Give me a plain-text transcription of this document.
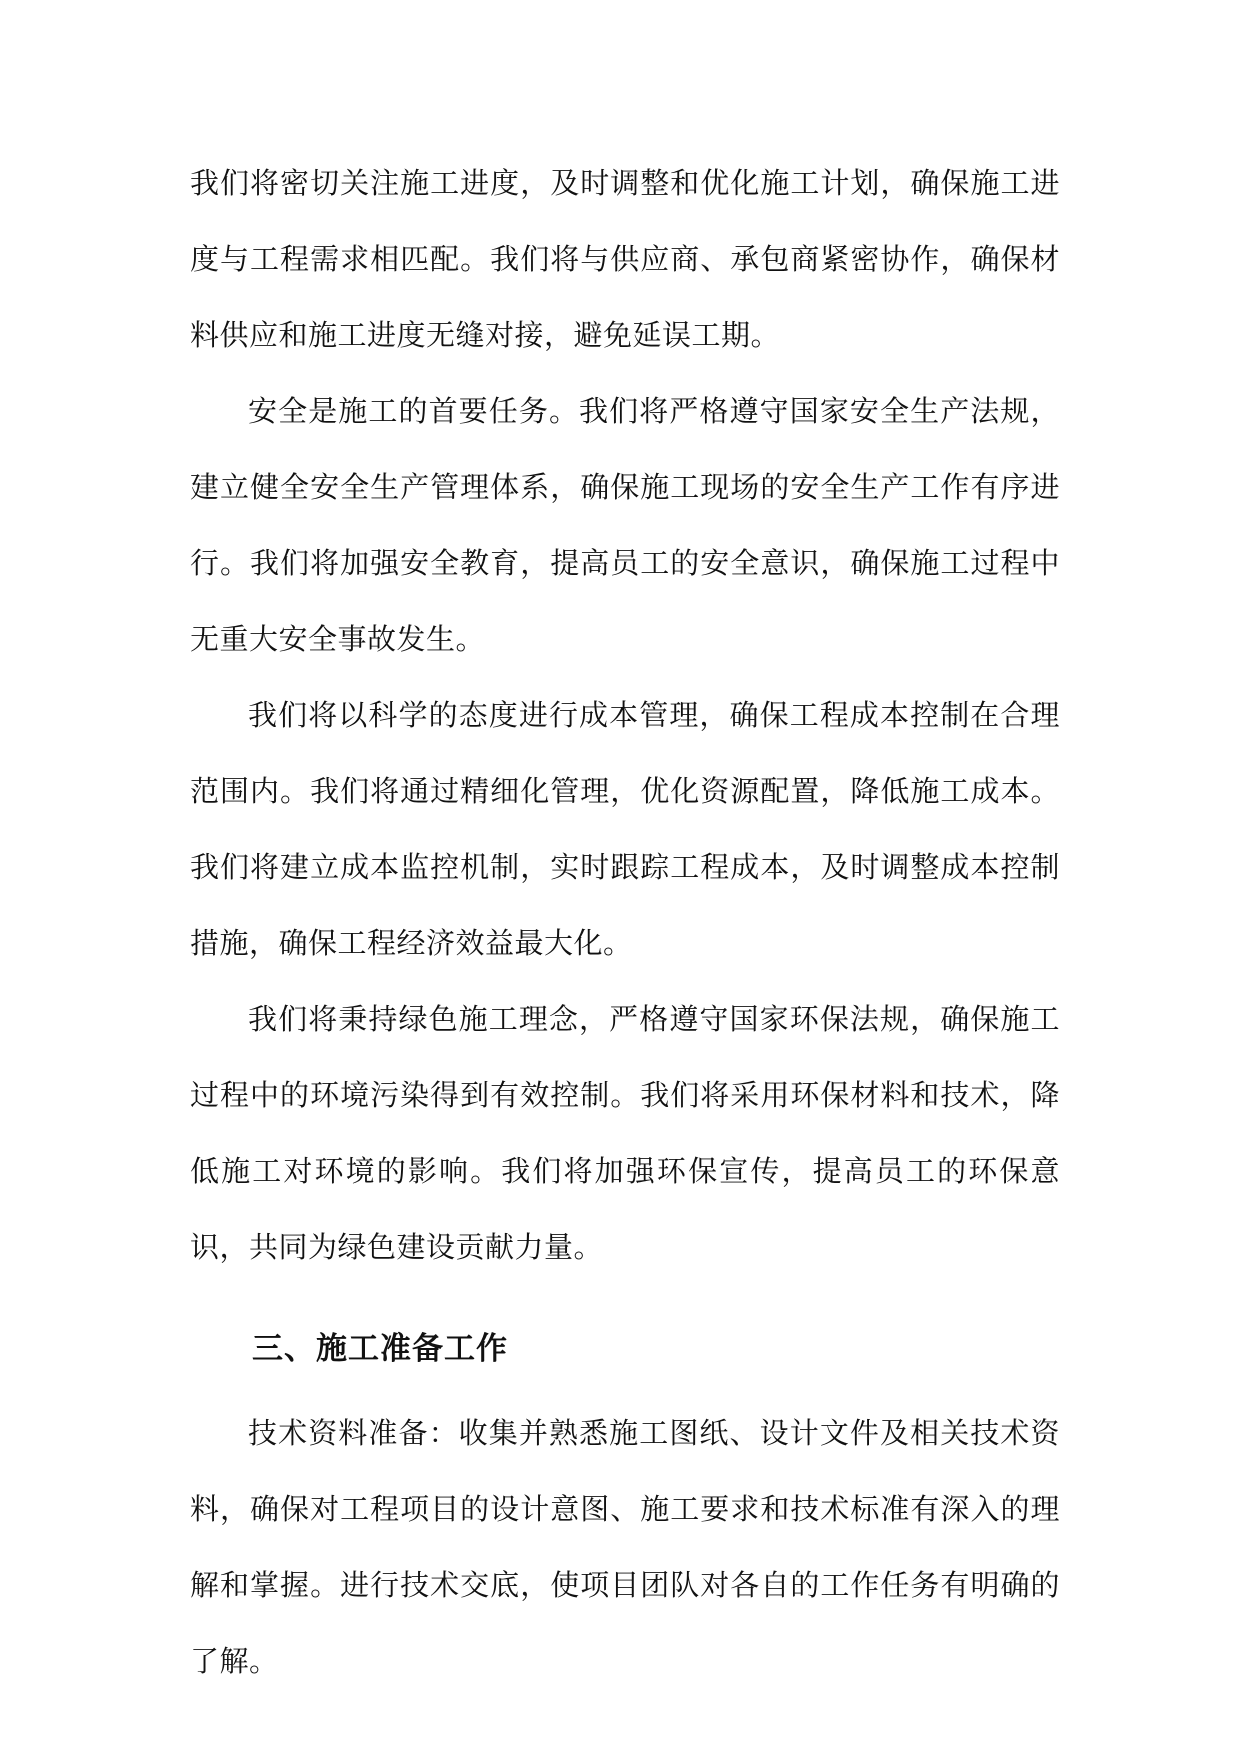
我们将密切关注施工进度，及时调整和优化施工计划，确保施工进度与工程需求相匹配。我们将与供应商、承包商紧密协作，确保材料供应和施工进度无缝对接，避免延误工期。

安全是施工的首要任务。我们将严格遵守国家安全生产法规，建立健全安全生产管理体系，确保施工现场的安全生产工作有序进行。我们将加强安全教育，提高员工的安全意识，确保施工过程中无重大安全事故发生。

我们将以科学的态度进行成本管理，确保工程成本控制在合理范围内。我们将通过精细化管理，优化资源配置，降低施工成本。我们将建立成本监控机制，实时跟踪工程成本，及时调整成本控制措施，确保工程经济效益最大化。

我们将秉持绿色施工理念，严格遵守国家环保法规，确保施工过程中的环境污染得到有效控制。我们将采用环保材料和技术，降低施工对环境的影响。我们将加强环保宣传，提高员工的环保意识，共同为绿色建设贡献力量。

三、施工准备工作

技术资料准备：收集并熟悉施工图纸、设计文件及相关技术资料，确保对工程项目的设计意图、施工要求和技术标准有深入的理解和掌握。进行技术交底，使项目团队对各自的工作任务有明确的了解。
